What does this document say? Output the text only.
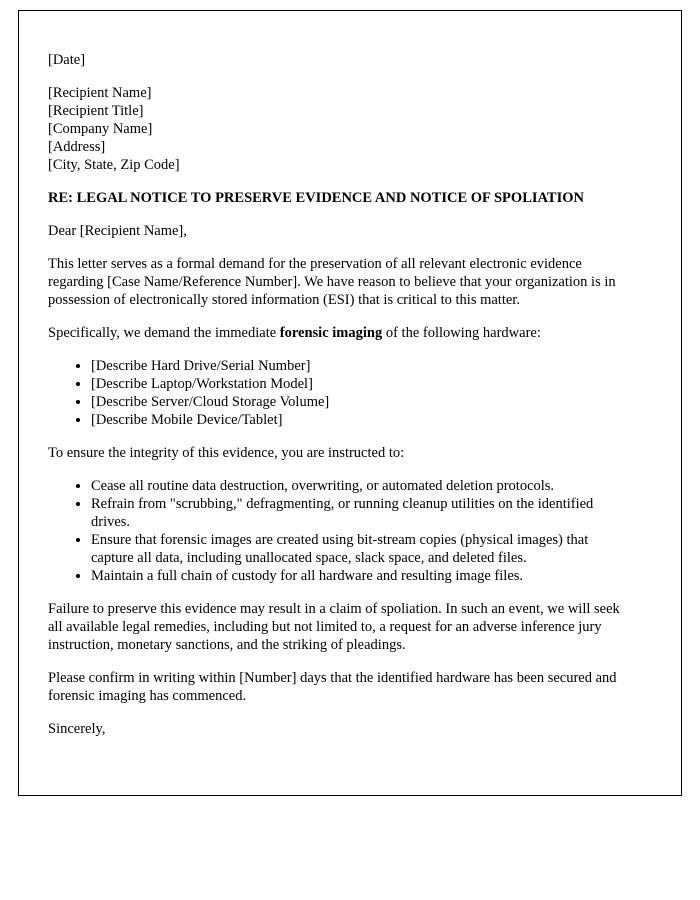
[Date]

[Recipient Name]
[Recipient Title]
[Company Name]
[Address]
[City, State, Zip Code]

RE: LEGAL NOTICE TO PRESERVE EVIDENCE AND NOTICE OF SPOLIATION

Dear [Recipient Name],

This letter serves as a formal demand for the preservation of all relevant electronic evidence regarding [Case Name/Reference Number]. We have reason to believe that your organization is in possession of electronically stored information (ESI) that is critical to this matter.

Specifically, we demand the immediate forensic imaging of the following hardware:

• [Describe Hard Drive/Serial Number]
• [Describe Laptop/Workstation Model]
• [Describe Server/Cloud Storage Volume]
• [Describe Mobile Device/Tablet]

To ensure the integrity of this evidence, you are instructed to:

• Cease all routine data destruction, overwriting, or automated deletion protocols.
• Refrain from "scrubbing," defragmenting, or running cleanup utilities on the identified drives.
• Ensure that forensic images are created using bit-stream copies (physical images) that capture all data, including unallocated space, slack space, and deleted files.
• Maintain a full chain of custody for all hardware and resulting image files.

Failure to preserve this evidence may result in a claim of spoliation. In such an event, we will seek all available legal remedies, including but not limited to, a request for an adverse inference jury instruction, monetary sanctions, and the striking of pleadings.

Please confirm in writing within [Number] days that the identified hardware has been secured and forensic imaging has commenced.

Sincerely,
